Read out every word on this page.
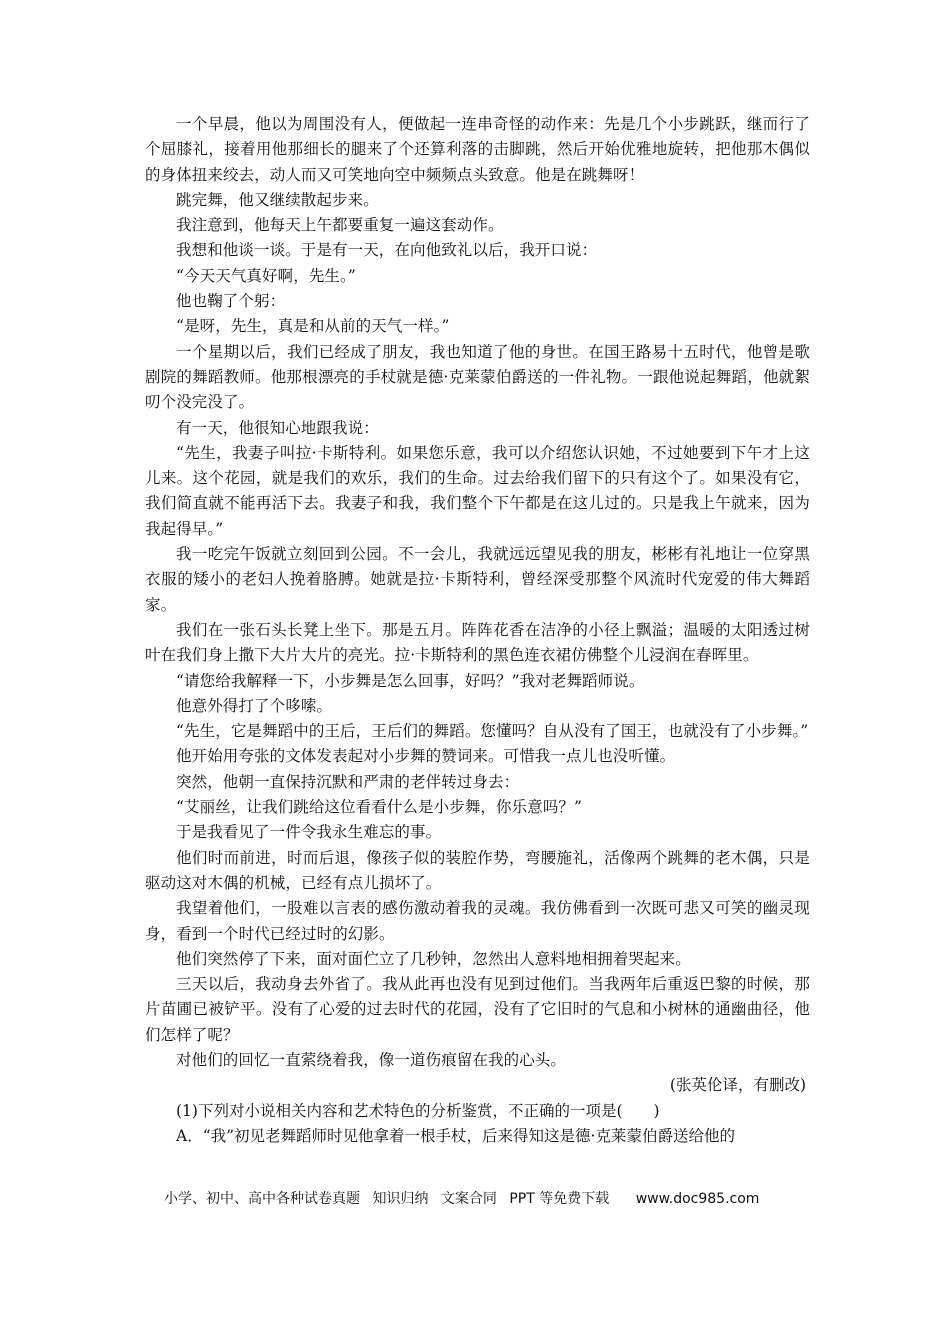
一个早晨，他以为周围没有人，便做起一连串奇怪的动作来：先是几个小步跳跃，继而行了个屈膝礼，接着用他那细长的腿来了个还算利落的击脚跳，然后开始优雅地旋转，把他那木偶似的身体扭来绞去，动人而又可笑地向空中频频点头致意。他是在跳舞呀！

跳完舞，他又继续散起步来。

我注意到，他每天上午都要重复一遍这套动作。

我想和他谈一谈。于是有一天，在向他致礼以后，我开口说：

“今天天气真好啊，先生。”

他也鞠了个躬：

“是呀，先生，真是和从前的天气一样。”

一个星期以后，我们已经成了朋友，我也知道了他的身世。在国王路易十五时代，他曾是歌剧院的舞蹈教师。他那根漂亮的手杖就是德·克莱蒙伯爵送的一件礼物。一跟他说起舞蹈，他就絮叨个没完没了。

有一天，他很知心地跟我说：

“先生，我妻子叫拉·卡斯特利。如果您乐意，我可以介绍您认识她，不过她要到下午才上这儿来。这个花园，就是我们的欢乐，我们的生命。过去给我们留下的只有这个了。如果没有它，我们简直就不能再活下去。我妻子和我，我们整个下午都是在这儿过的。只是我上午就来，因为我起得早。”

我一吃完午饭就立刻回到公园。不一会儿，我就远远望见我的朋友，彬彬有礼地让一位穿黑衣服的矮小的老妇人挽着胳膊。她就是拉·卡斯特利，曾经深受那整个风流时代宠爱的伟大舞蹈家。

我们在一张石头长凳上坐下。那是五月。阵阵花香在洁净的小径上飘溢；温暖的太阳透过树叶在我们身上撒下大片大片的亮光。拉·卡斯特利的黑色连衣裙仿佛整个儿浸润在春晖里。

“请您给我解释一下，小步舞是怎么回事，好吗？”我对老舞蹈师说。

他意外得打了个哆嗦。

“先生，它是舞蹈中的王后，王后们的舞蹈。您懂吗？自从没有了国王，也就没有了小步舞。”

他开始用夸张的文体发表起对小步舞的赞词来。可惜我一点儿也没听懂。

突然，他朝一直保持沉默和严肃的老伴转过身去：

“艾丽丝，让我们跳给这位看看什么是小步舞，你乐意吗？”

于是我看见了一件令我永生难忘的事。

他们时而前进，时而后退，像孩子似的装腔作势，弯腰施礼，活像两个跳舞的老木偶，只是驱动这对木偶的机械，已经有点儿损坏了。

我望着他们，一股难以言表的感伤激动着我的灵魂。我仿佛看到一次既可悲又可笑的幽灵现身，看到一个时代已经过时的幻影。

他们突然停了下来，面对面伫立了几秒钟，忽然出人意料地相拥着哭起来。

三天以后，我动身去外省了。我从此再也没有见到过他们。当我两年后重返巴黎的时候，那片苗圃已被铲平。没有了心爱的过去时代的花园，没有了它旧时的气息和小树林的通幽曲径，他们怎样了呢？

对他们的回忆一直萦绕着我，像一道伤痕留在我的心头。

(张英伦译，有删改)

(1)下列对小说相关内容和艺术特色的分析鉴赏，不正确的一项是(　　)

A．“我”初见老舞蹈师时见他拿着一根手杖，后来得知这是德·克莱蒙伯爵送给他的

小学、初中、高中各种试卷真题 知识归纳 文案合同 PPT 等免费下载 www.doc985.com
